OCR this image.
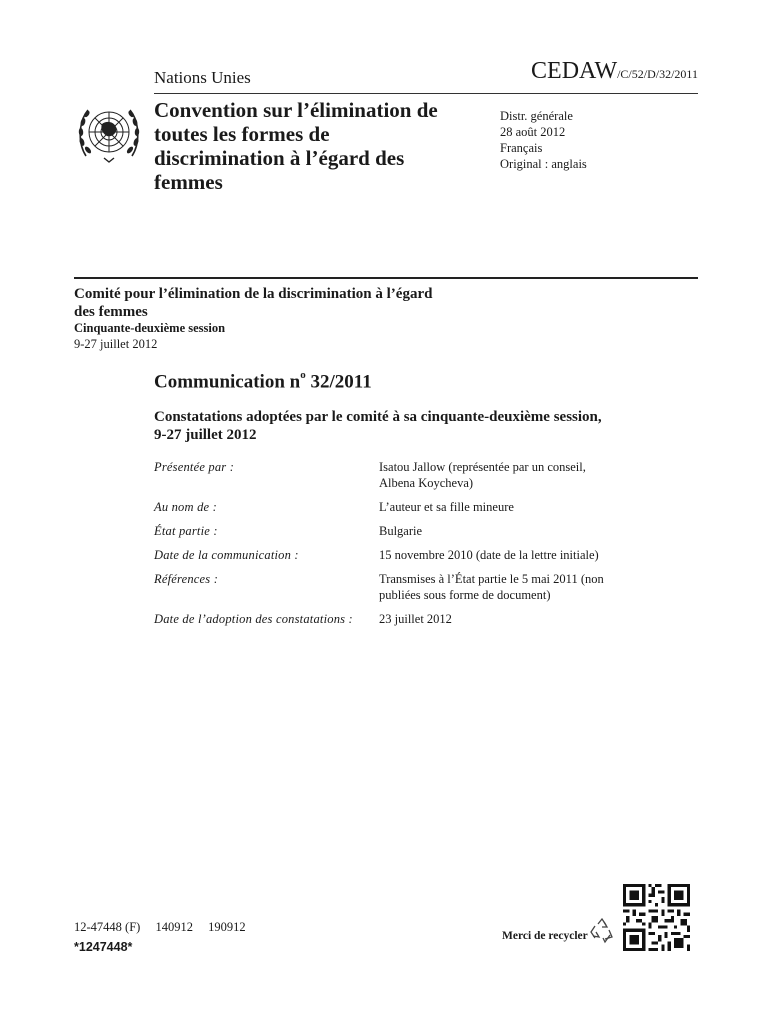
Nations Unies	CEDAW/C/52/D/32/2011
Convention sur l’élimination de toutes les formes de discrimination à l’égard des femmes
Distr. générale
28 août 2012
Français
Original : anglais
Comité pour l’élimination de la discrimination à l’égard des femmes
Cinquante-deuxième session
9-27 juillet 2012
Communication $n^o$ 32/2011
Constatations adoptées par le comité à sa cinquante-deuxième session, 9-27 juillet 2012
Présentée par :	Isatou Jallow (représentée par un conseil, Albena Koycheva)
Au nom de :	L’auteur et sa fille mineure
État partie :	Bulgarie
Date de la communication :	15 novembre 2010 (date de la lettre initiale)
Références :	Transmises à l’État partie le 5 mai 2011 (non publiées sous forme de document)
Date de l’adoption des constatations :	23 juillet 2012
12-47448 (F) 140912 190912
*1247448*
Merci de recycler
